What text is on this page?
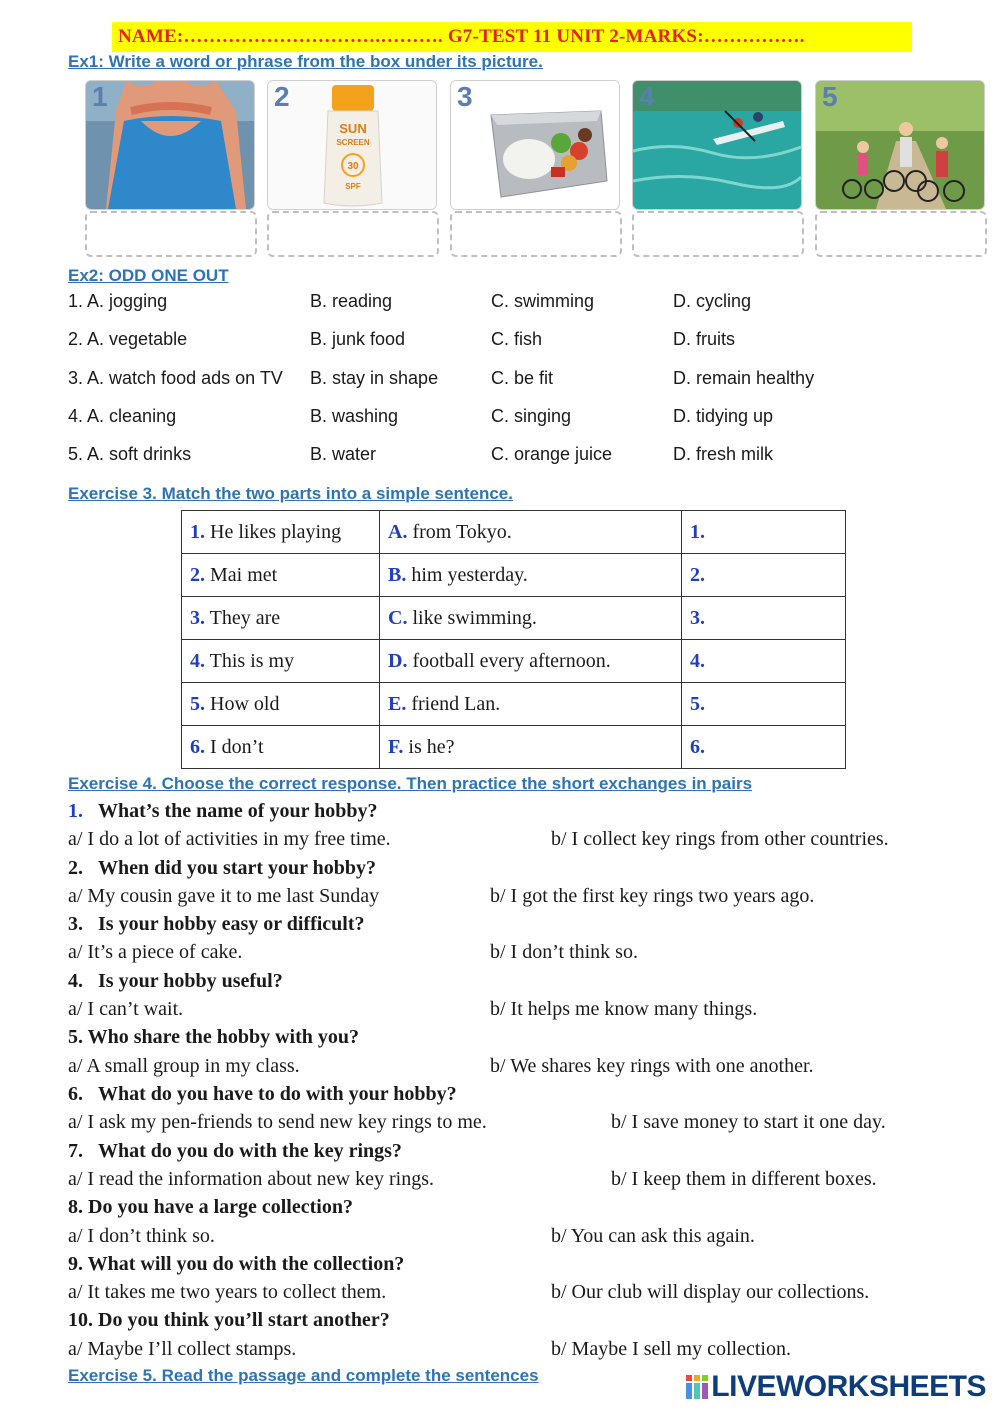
NAME:………………………….………. G7-TEST 11 UNIT 2-MARKS:…………….
Ex1: Write a word or phrase from the box under its picture.
1	2
SUN
SCREEN
30
SPF
3	4	5
Ex2: ODD ONE OUT
1. A. jogging	B. reading	C. swimming	D. cycling
2. A. vegetable	B. junk food	C. fish	D. fruits
3. A. watch food ads on TV B. stay in shape	C. be fit	D. remain healthy
4. A. cleaning	B. washing	C. singing	D. tidying up
5. A. soft drinks	B. water	C. orange juice	D. fresh milk
Exercise 3. Match the two parts into a simple sentence.
1. He likes playing	A. from Tokyo.	1.
2. Mai met	B. him yesterday.	2.
3. They are	C. like swimming.	3.
4. This is my	D. football every afternoon.	4.
5. How old	E. friend Lan.	5.
6. I don’t	F. is he?	6.
Exercise 4. Choose the correct response. Then practice the short exchanges in pairs
1. What’s the name of your hobby?
a/ I do a lot of activities in my free time.	b/ I collect key rings from other countries.
2. When did you start your hobby?
a/ My cousin gave it to me last Sunday	b/ I got the first key rings two years ago.
3. Is your hobby easy or difficult?
a/ It’s a piece of cake.	b/ I don’t think so.
4. Is your hobby useful?
a/ I can’t wait.	b/ It helps me know many things.
5. Who share the hobby with you?
a/ A small group in my class.	b/ We shares key rings with one another.
6. What do you have to do with your hobby?
a/ I ask my pen-friends to send new key rings to me.	b/ I save money to start it one day.
7. What do you do with the key rings?
a/ I read the information about new key rings.	b/ I keep them in different boxes.
8. Do you have a large collection?
a/ I don’t think so.	b/ You can ask this again.
9. What will you do with the collection?
a/ It takes me two years to collect them.	b/ Our club will display our collections.
10. Do you think you’ll start another?
a/ Maybe I’ll collect stamps.	b/ Maybe I sell my collection.
Exercise 5. Read the passage and complete the sentences	LIVEWORKSHEETS
